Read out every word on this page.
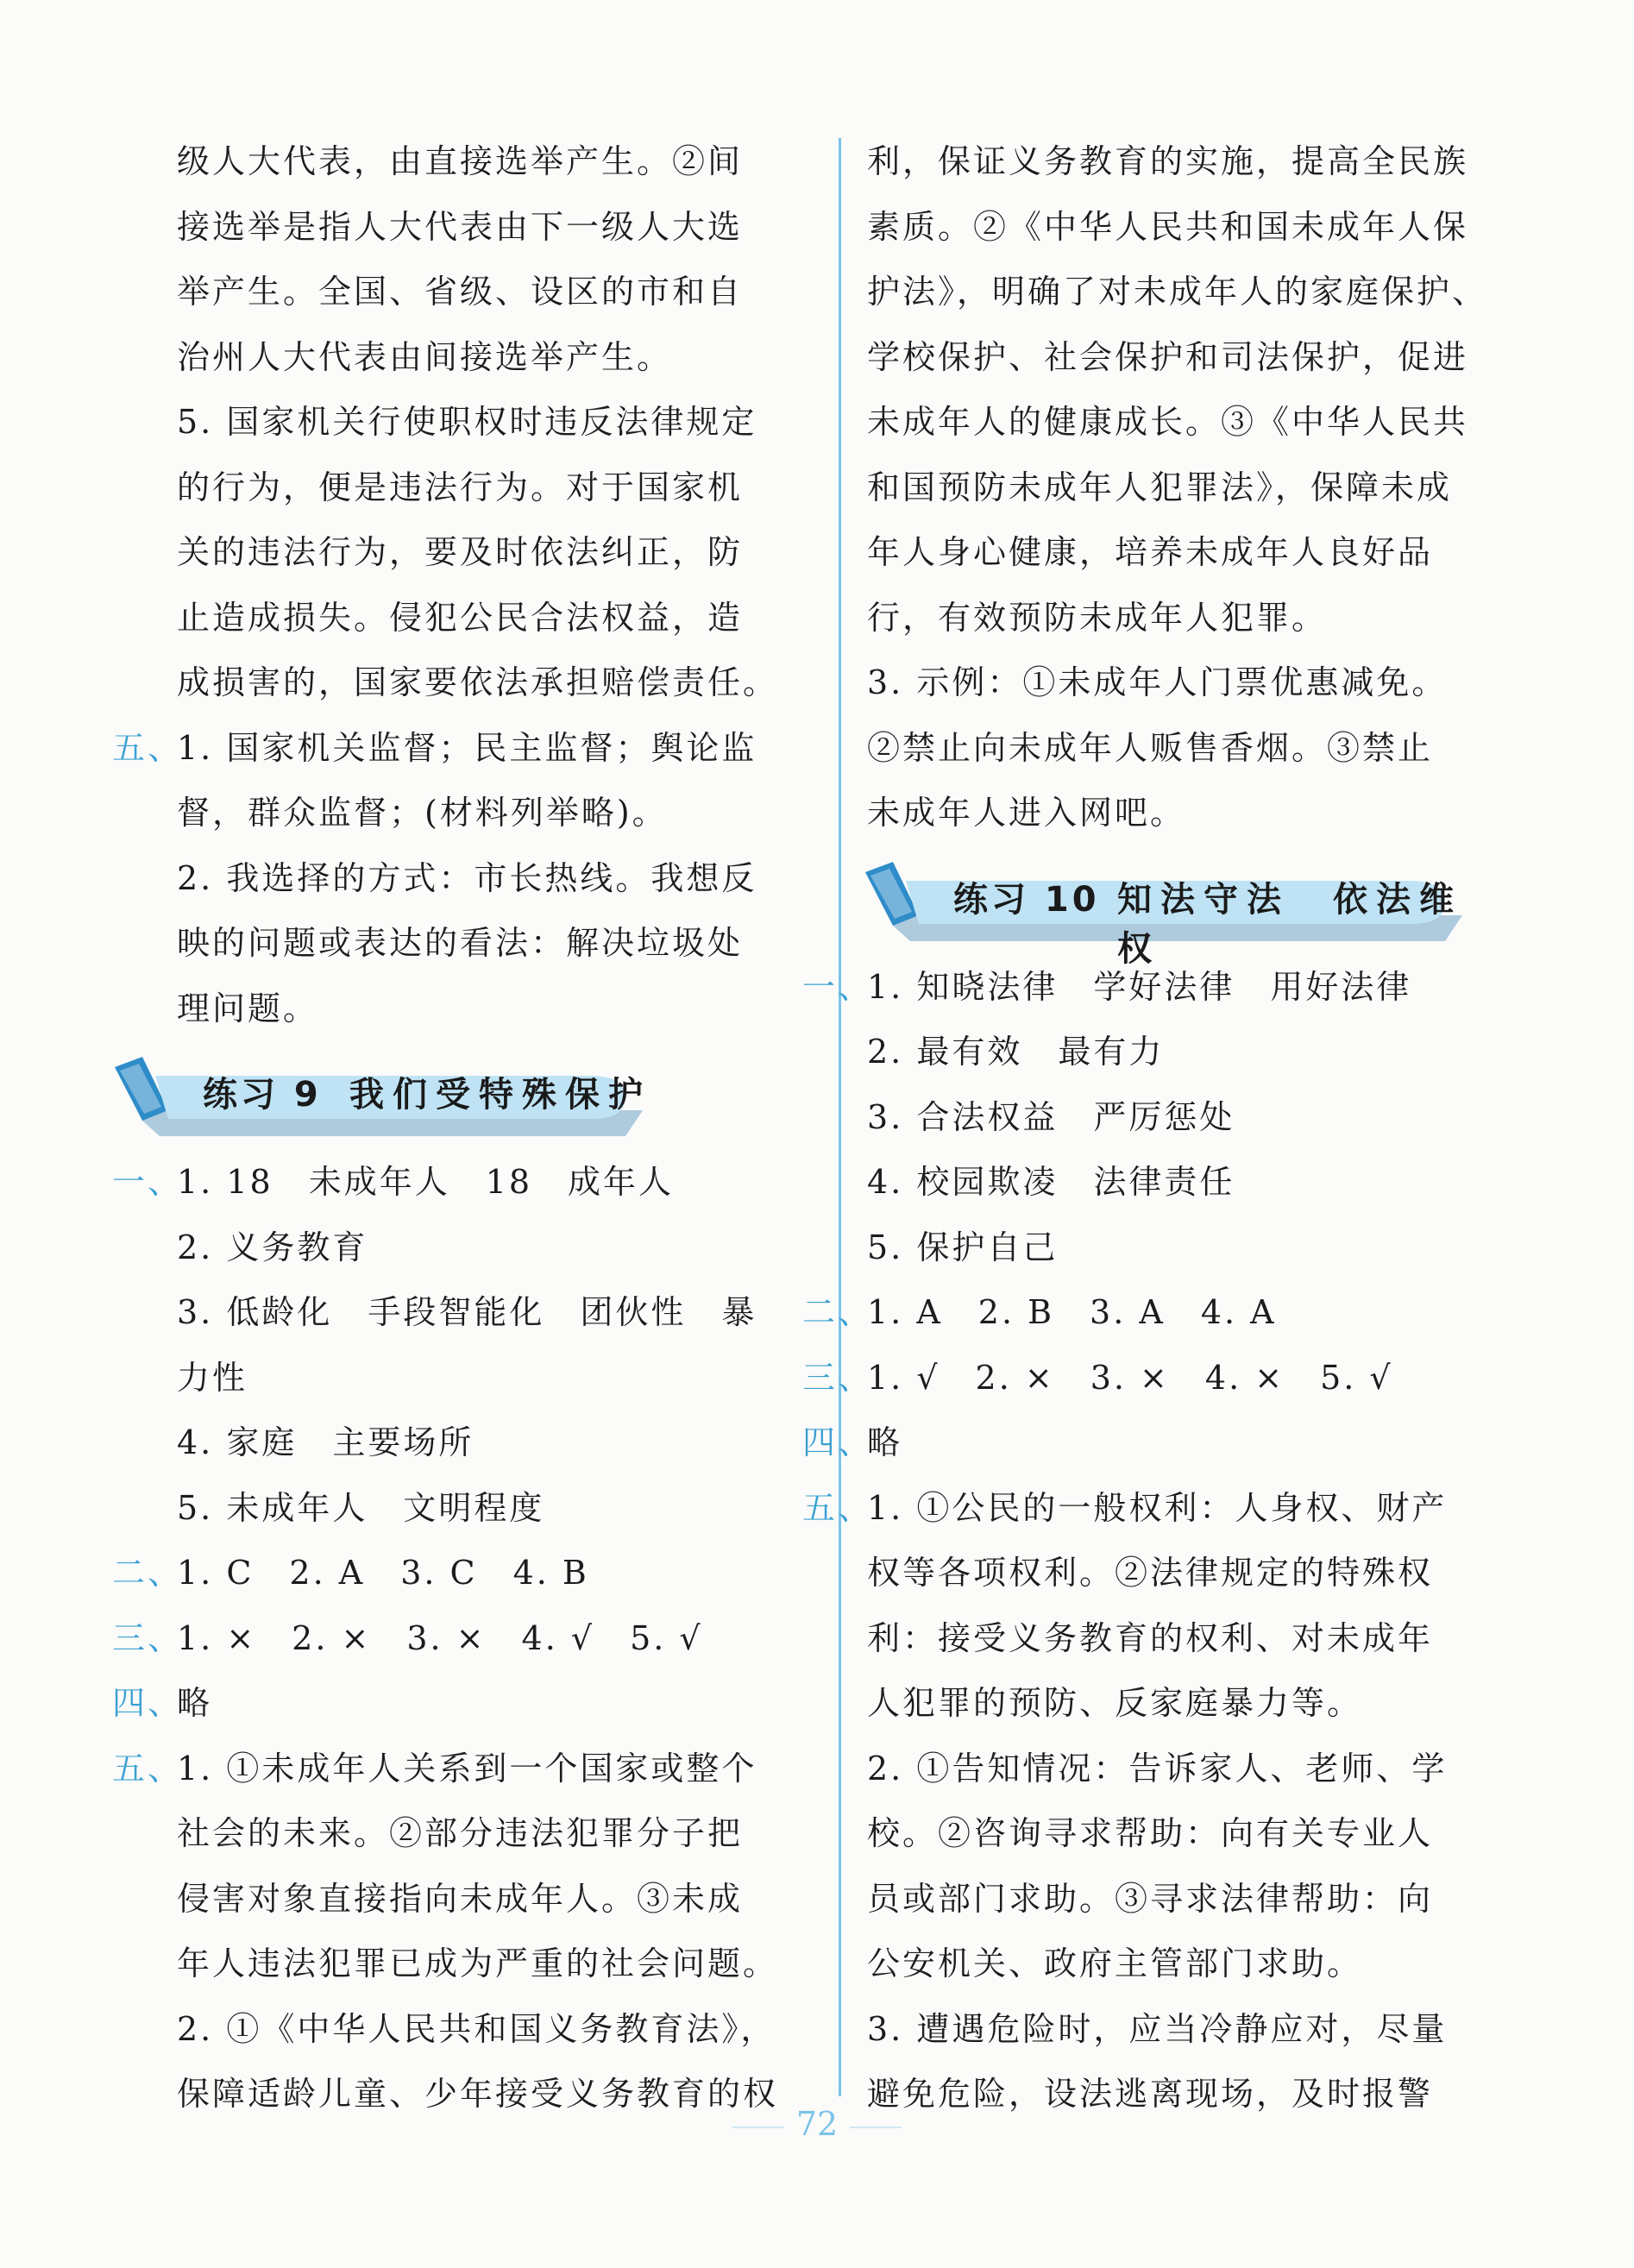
级人大代表，由直接选举产生。②间
接选举是指人大代表由下一级人大选
举产生。全国、省级、设区的市和自
治州人大代表由间接选举产生。
5. 国家机关行使职权时违反法律规定
的行为，便是违法行为。对于国家机
关的违法行为，要及时依法纠正，防
止造成损失。侵犯公民合法权益，造
成损害的，国家要依法承担赔偿责任。
五、
1. 国家机关监督；民主监督；舆论监
督，群众监督；(材料列举略)。
2. 我选择的方式：市长热线。我想反
映的问题或表达的看法：解决垃圾处
理问题。
练习 9 我们受特殊保护
一、
1. 18　未成年人　18　成年人
2. 义务教育
3. 低龄化　手段智能化　团伙性　暴
力性
4. 家庭　主要场所
5. 未成年人　文明程度
二、
1. C　2. A　3. C　4. B
三、
1. ×　2. ×　3. ×　4. √　5. √
四、
略
五、
1. ①未成年人关系到一个国家或整个
社会的未来。②部分违法犯罪分子把
侵害对象直接指向未成年人。③未成
年人违法犯罪已成为严重的社会问题。
2. ①《中华人民共和国义务教育法》，
保障适龄儿童、少年接受义务教育的权
利，保证义务教育的实施，提高全民族
素质。②《中华人民共和国未成年人保
护法》，明确了对未成年人的家庭保护、
学校保护、社会保护和司法保护，促进
未成年人的健康成长。③《中华人民共
和国预防未成年人犯罪法》，保障未成
年人身心健康，培养未成年人良好品
行，有效预防未成年人犯罪。
3. 示例：①未成年人门票优惠减免。
②禁止向未成年人贩售香烟。③禁止
未成年人进入网吧。
练习 10 知法守法　依法维权
一、
1. 知晓法律　学好法律　用好法律
2. 最有效　最有力
3. 合法权益　严厉惩处
4. 校园欺凌　法律责任
5. 保护自己
二、
1. A　2. B　3. A　4. A
三、
1. √　2. ×　3. ×　4. ×　5. √
四、
略
五、
1. ①公民的一般权利：人身权、财产
权等各项权利。②法律规定的特殊权
利：接受义务教育的权利、对未成年
人犯罪的预防、反家庭暴力等。
2. ①告知情况：告诉家人、老师、学
校。②咨询寻求帮助：向有关专业人
员或部门求助。③寻求法律帮助：向
公安机关、政府主管部门求助。
3. 遭遇危险时，应当冷静应对，尽量
避免危险，设法逃离现场，及时报警
72
